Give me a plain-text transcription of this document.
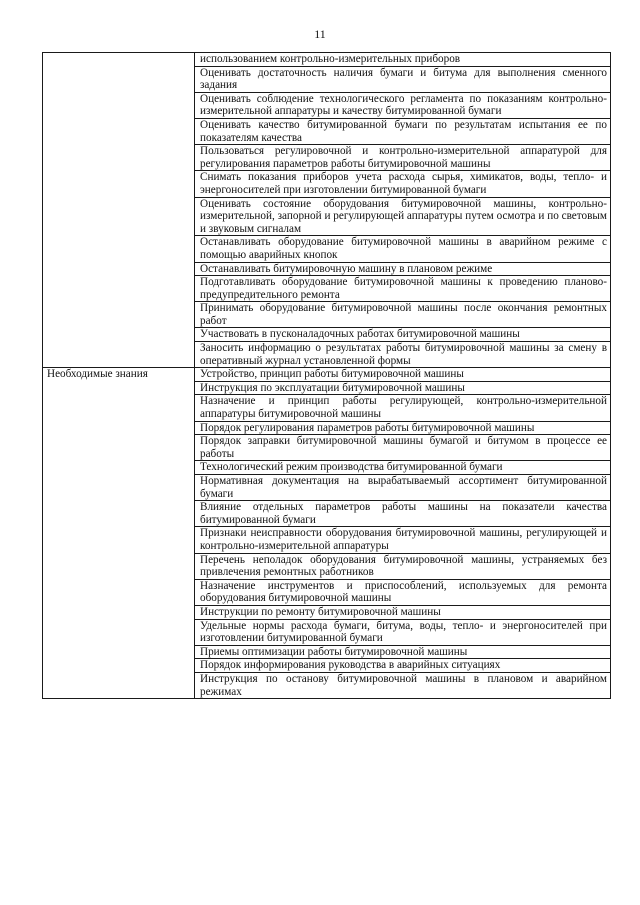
11
	использованием контрольно-измерительных приборов
	Оценивать достаточность наличия бумаги и битума для выполнения сменного задания
	Оценивать соблюдение технологического регламента по показаниям контрольно-измерительной аппаратуры и качеству битумированной бумаги
	Оценивать качество битумированной бумаги по результатам испытания ее по показателям качества
	Пользоваться регулировочной и контрольно-измерительной аппаратурой для регулирования параметров работы битумировочной машины
	Снимать показания приборов учета расхода сырья, химикатов, воды, тепло- и энергоносителей при изготовлении битумированной бумаги
	Оценивать состояние оборудования битумировочной машины, контрольно-измерительной, запорной и регулирующей аппаратуры путем осмотра и по световым и звуковым сигналам
	Останавливать оборудование битумировочной машины в аварийном режиме с помощью аварийных кнопок
	Останавливать битумировочную машину в плановом режиме
	Подготавливать оборудование битумировочной машины к проведению планово-предупредительного ремонта
	Принимать оборудование битумировочной машины после окончания ремонтных работ
	Участвовать в пусконаладочных работах битумировочной машины
	Заносить информацию о результатах работы битумировочной машины за смену в оперативный журнал установленной формы
Необходимые знания	Устройство, принцип работы битумировочной машины
	Инструкция по эксплуатации битумировочной машины
	Назначение и принцип работы регулирующей, контрольно-измерительной аппаратуры битумировочной машины
	Порядок регулирования параметров работы битумировочной машины
	Порядок заправки битумировочной машины бумагой и битумом в процессе ее работы
	Технологический режим производства битумированной бумаги
	Нормативная документация на вырабатываемый ассортимент битумированной бумаги
	Влияние отдельных параметров работы машины на показатели качества битумированной бумаги
	Признаки неисправности оборудования битумировочной машины, регулирующей и контрольно-измерительной аппаратуры
	Перечень неполадок оборудования битумировочной машины, устраняемых без привлечения ремонтных работников
	Назначение инструментов и приспособлений, используемых для ремонта оборудования битумировочной машины
	Инструкции по ремонту битумировочной машины
	Удельные нормы расхода бумаги, битума, воды, тепло- и энергоносителей при изготовлении битумированной бумаги
	Приемы оптимизации работы битумировочной машины
	Порядок информирования руководства в аварийных ситуациях
	Инструкция по останову битумировочной машины в плановом и аварийном режимах
